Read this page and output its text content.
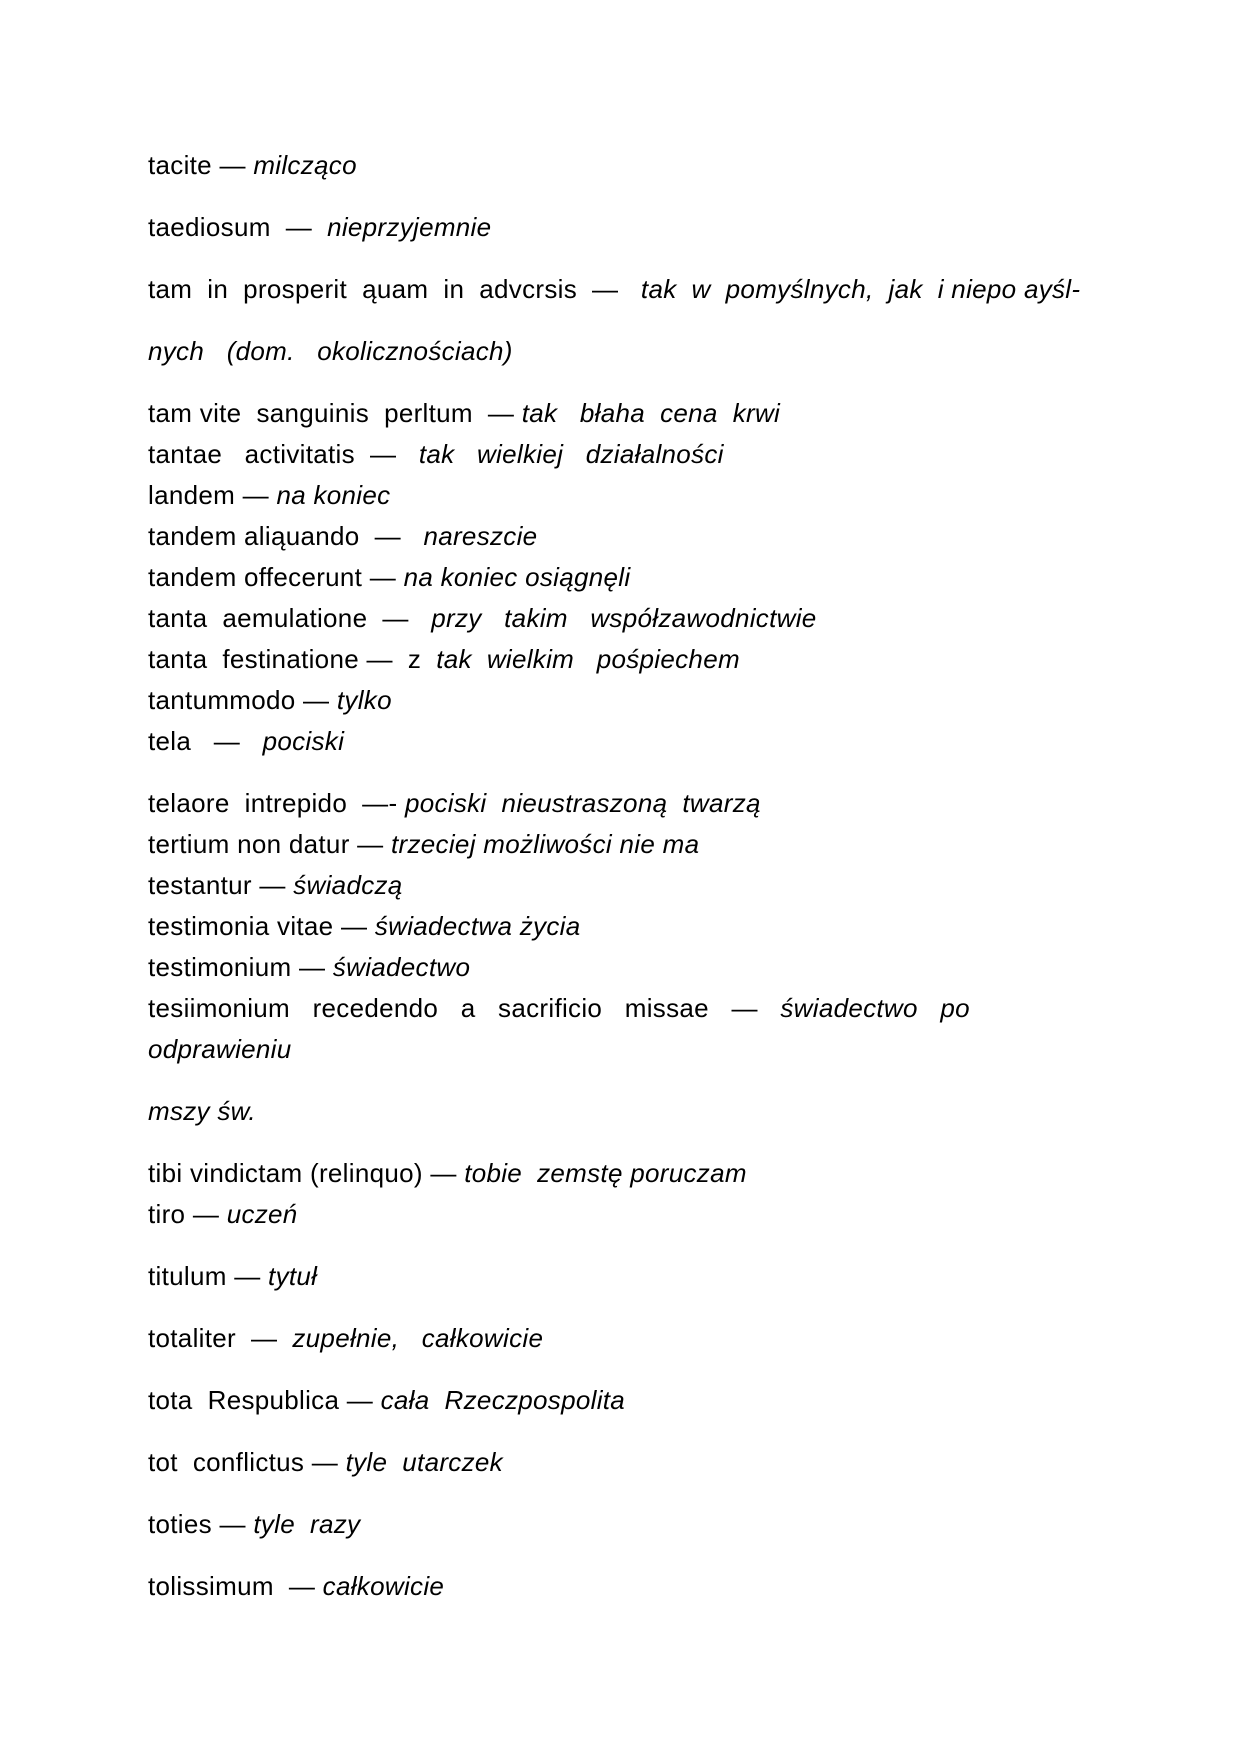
tacite — milcząco
taediosum  —  nieprzyjemnie
tam  in  prosperit  ąuam  in  advcrsis  —   tak  w  pomyślnych,  jak  i niepo ayśl-
nych   (dom.   okolicznościach)
tam vite  sanguinis  perltum  — tak   błaha  cena  krwi
tantae   activitatis  —   tak   wielkiej   działalności
landem — na koniec
tandem aliąuando  —   nareszcie
tandem offecerunt — na koniec osiągnęli
tanta  aemulatione  —   przy   takim   współzawodnictwie
tanta  festinatione —  z  tak  wielkim   pośpiechem
tantummodo — tylko
tela   —   pociski
telaore  intrepido  —- pociski  nieustraszoną  twarzą
tertium non datur — trzeciej możliwości nie ma
testantur — świadczą
testimonia vitae — świadectwa życia
testimonium — świadectwo
tesiimonium   recedendo   a   sacrificio   missae   —   świadectwo   po
odprawieniu
mszy św.
tibi vindictam (relinquo) — tobie  zemstę poruczam
tiro — uczeń
titulum — tytuł
totaliter  —  zupełnie,   całkowicie
tota  Respublica — cała  Rzeczpospolita
tot  conflictus — tyle  utarczek
toties — tyle  razy
tolissimum  — całkowicie
